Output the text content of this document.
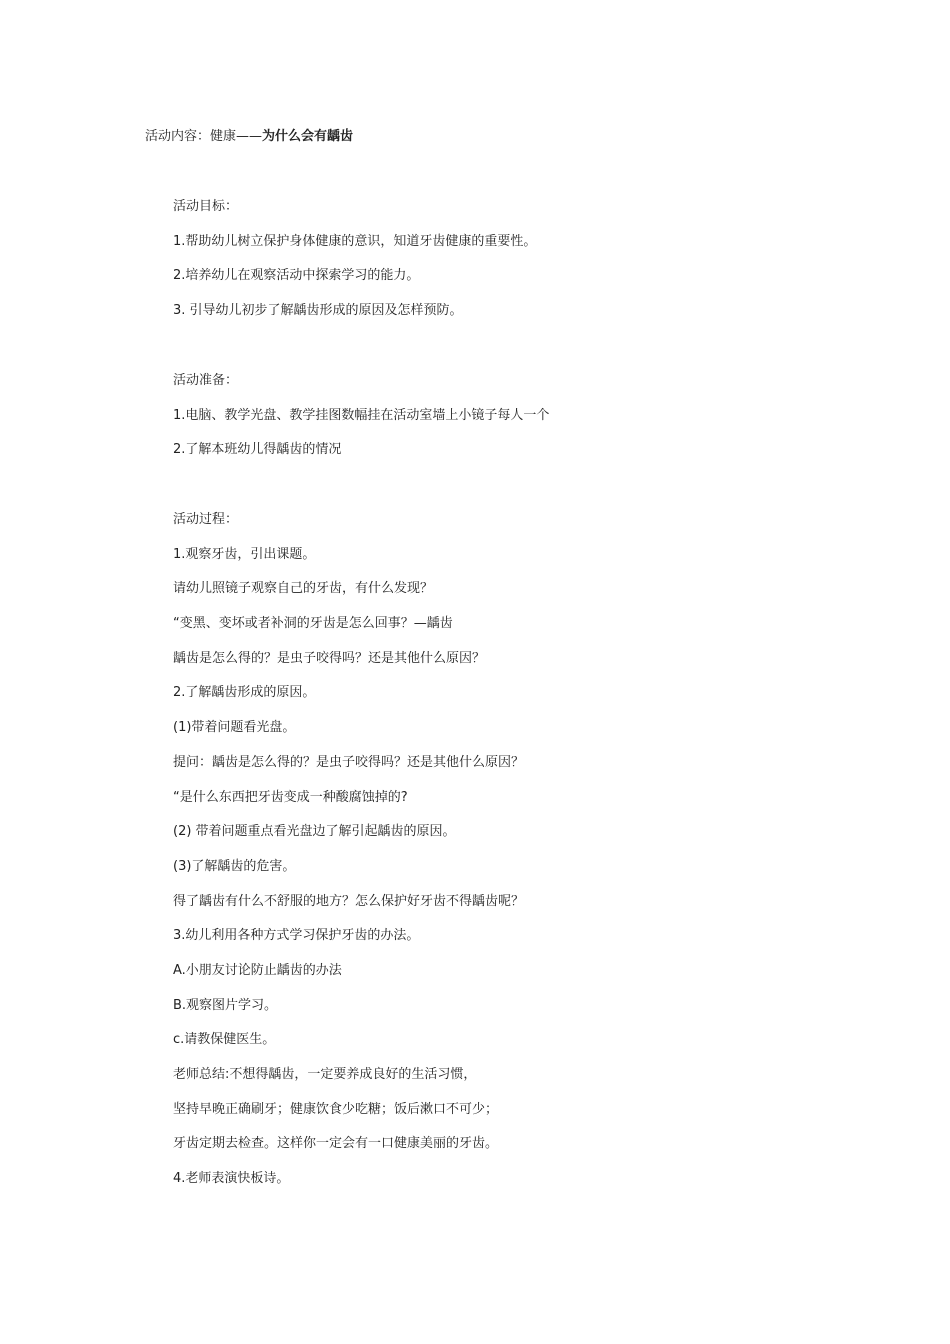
活动内容：健康——为什么会有龋齿
活动目标：
1.帮助幼儿树立保护身体健康的意识，知道牙齿健康的重要性。
2.培养幼儿在观察活动中探索学习的能力。
3. 引导幼儿初步了解龋齿形成的原因及怎样预防。
活动准备：
1.电脑、教学光盘、教学挂图数幅挂在活动室墙上小镜子每人一个
2.了解本班幼儿得龋齿的情况
活动过程：
1.观察牙齿，引出课题。
请幼儿照镜子观察自己的牙齿，有什么发现？
“变黑、变坏或者补洞的牙齿是怎么回事？—龋齿
龋齿是怎么得的？是虫子咬得吗？还是其他什么原因？
2.了解龋齿形成的原因。
(1)带着问题看光盘。
提问：龋齿是怎么得的？是虫子咬得吗？还是其他什么原因？
“是什么东西把牙齿变成一种酸腐蚀掉的?
(2) 带着问题重点看光盘边了解引起龋齿的原因。
(3)了解龋齿的危害。
得了龋齿有什么不舒服的地方？怎么保护好牙齿不得龋齿呢？
3.幼儿利用各种方式学习保护牙齿的办法。
A.小朋友讨论防止龋齿的办法
B.观察图片学习。
c.请教保健医生。
老师总结:不想得龋齿，一定要养成良好的生活习惯，
坚持早晚正确刷牙；健康饮食少吃糖；饭后漱口不可少；
牙齿定期去检查。这样你一定会有一口健康美丽的牙齿。
4.老师表演快板诗。
